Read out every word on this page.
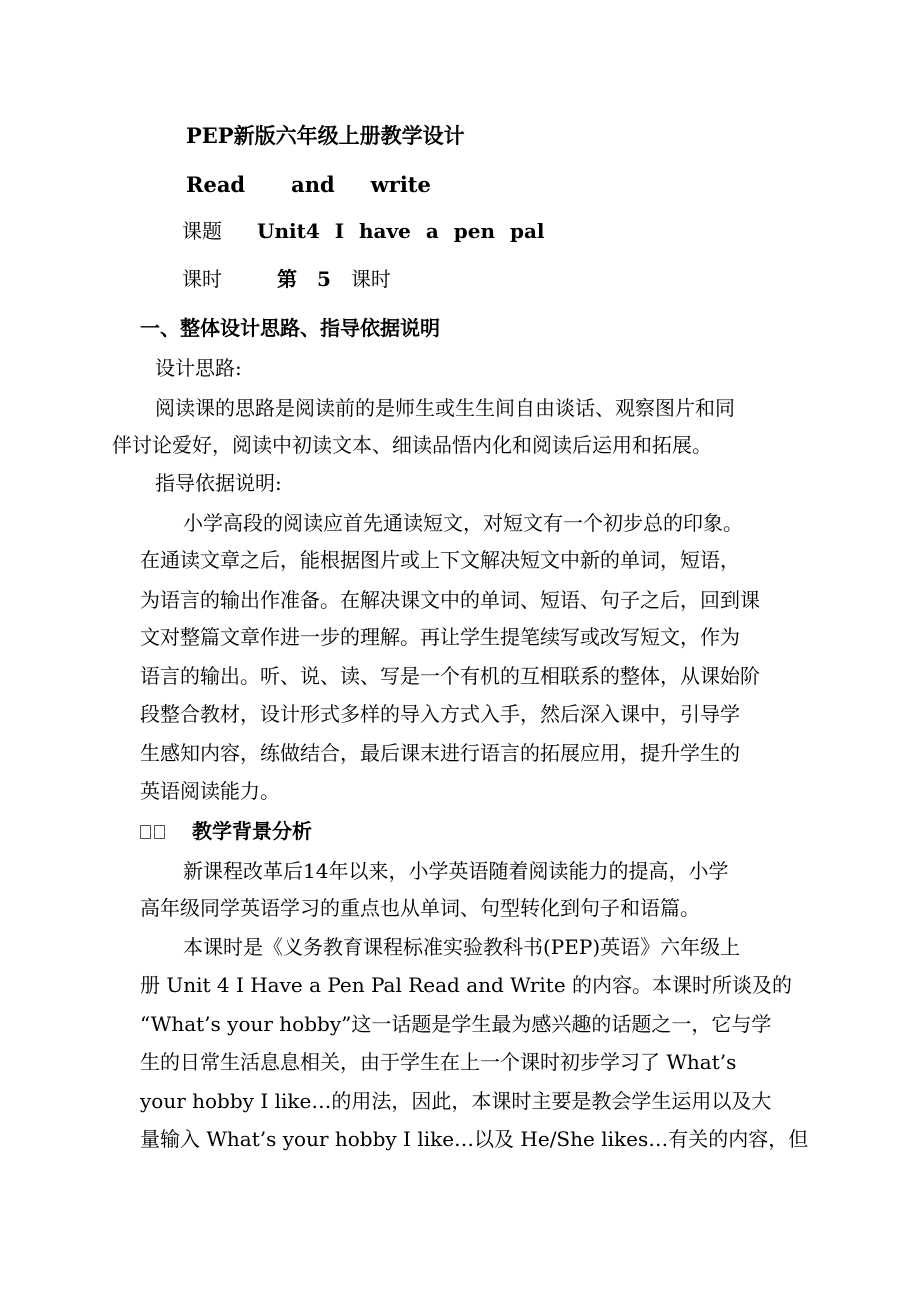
PEP新版六年级上册教学设计
Read and write
课题 Unit4 I have a pen pal
课时	第 5 课时
一、整体设计思路、指导依据说明
设计思路:
阅读课的思路是阅读前的是师生或生生间自由谈话、观察图片和同
伴讨论爱好，阅读中初读文本、细读品悟内化和阅读后运用和拓展。
指导依据说明:
小学高段的阅读应首先通读短文，对短文有一个初步总的印象。
在通读文章之后，能根据图片或上下文解决短文中新的单词，短语，
为语言的输出作准备。在解决课文中的单词、短语、句子之后，回到课
文对整篇文章作进一步的理解。再让学生提笔续写或改写短文，作为
语言的输出。听、说、读、写是一个有机的互相联系的整体，从课始阶
段整合教材，设计形式多样的导入方式入手，然后深入课中，引导学
生感知内容，练做结合，最后课末进行语言的拓展应用，提升学生的
英语阅读能力。
教学背景分析
新课程改革后14年以来，小学英语随着阅读能力的提高，小学
高年级同学英语学习的重点也从单词、句型转化到句子和语篇。
本课时是《义务教育课程标准实验教科书(PEP)英语》六年级上
册 Unit 4 I Have a Pen Pal Read and Write 的内容。本课时所谈及的
“What’s your hobby”这一话题是学生最为感兴趣的话题之一，它与学
生的日常生活息息相关，由于学生在上一个课时初步学习了 What’s
your hobby I like…的用法，因此，本课时主要是教会学生运用以及大
量输入 What’s your hobby I like…以及 He/She likes…有关的内容，但
